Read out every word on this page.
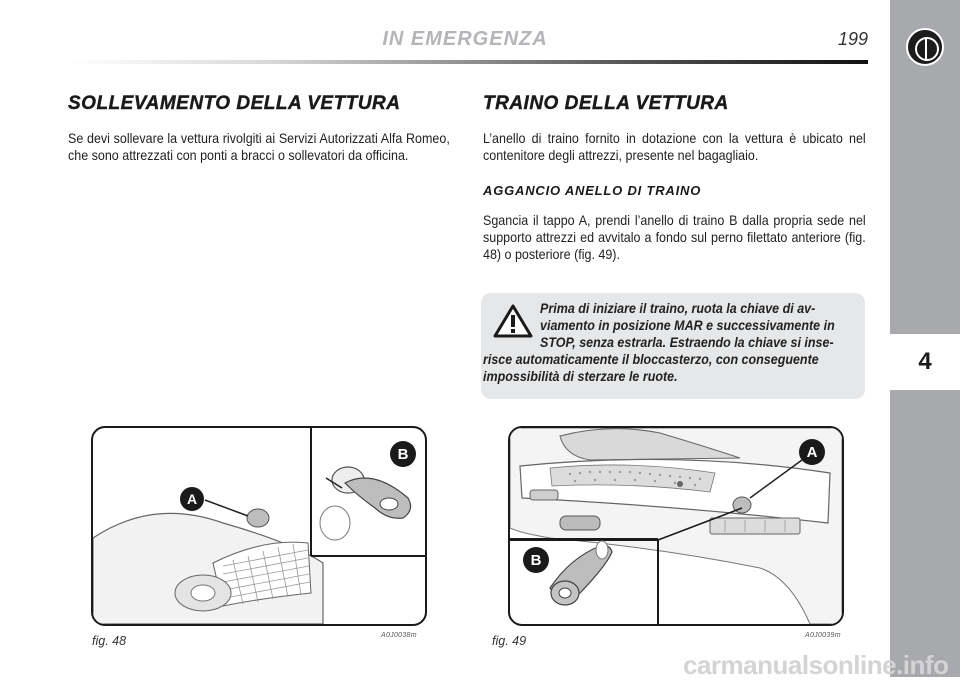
4
IN EMERGENZA	199
SOLLEVAMENTO DELLA VETTURA

Se devi sollevare la vettura rivolgiti ai Servizi Autorizzati Alfa Romeo, che sono attrezzati con ponti a bracci o sollevatori da officina.

TRAINO DELLA VETTURA

L’anello di traino fornito in dotazione con la vettura è ubicato nel contenitore degli attrezzi, presente nel bagagliaio.

AGGANCIO ANELLO DI TRAINO

Sgancia il tappo A, prendi l’anello di traino B dalla propria sede nel supporto attrezzi ed avvitalo a fondo sul perno filettato anteriore (fig. 48) o posteriore (fig. 49).

Prima di iniziare il traino, ruota la chiave di av-
viamento in posizione MAR e successivamente in
STOP, senza estrarla. Estraendo la chiave si inse-
risce automaticamente il bloccasterzo, con conseguente
impossibilità di sterzare le ruote.

A
B
fig. 48	A0J0038m
A
B
fig. 49	A0J0039m
carmanualsonline.info
